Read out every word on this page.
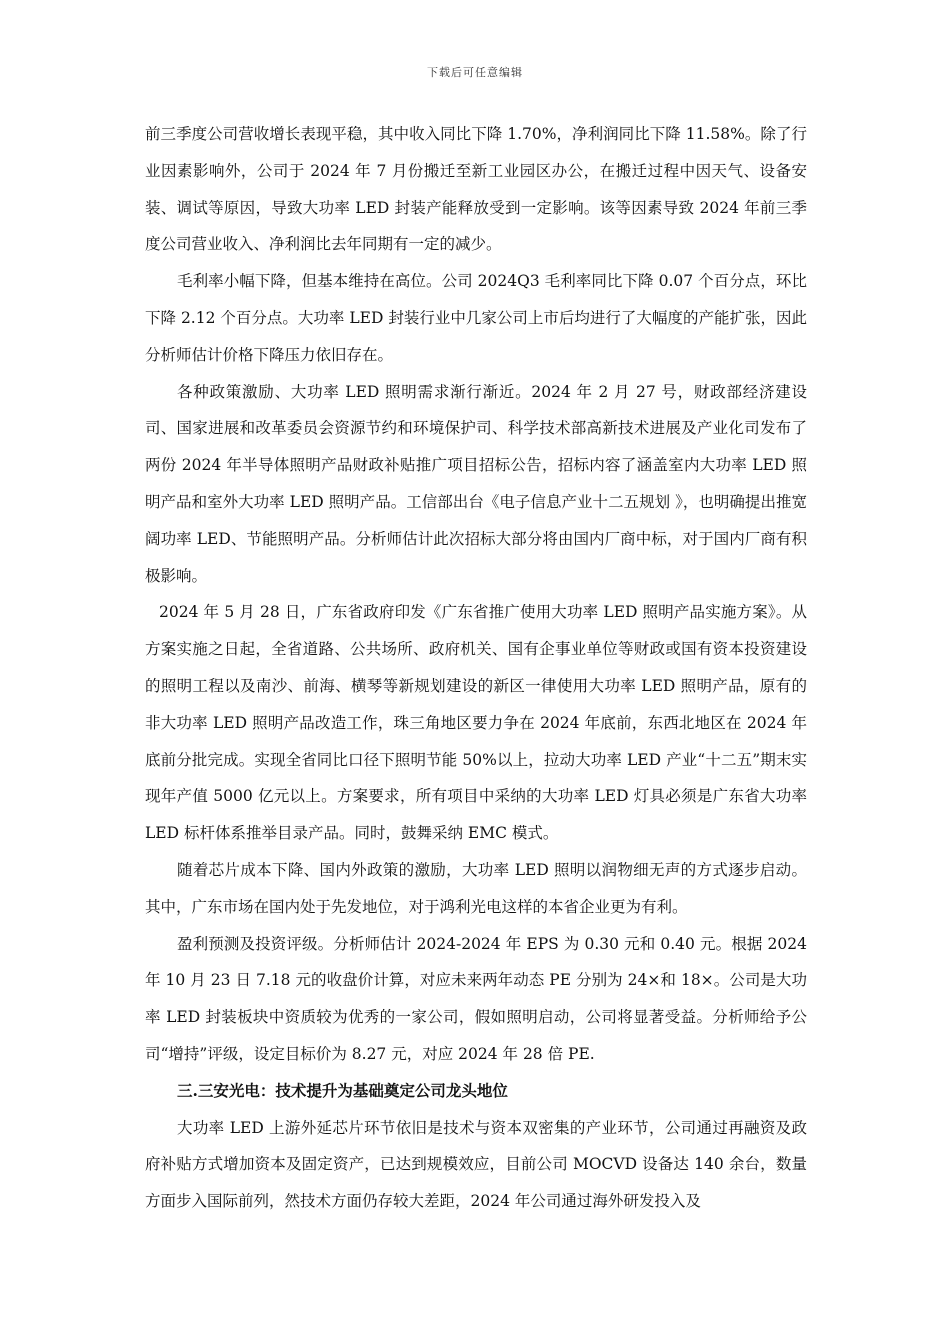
下载后可任意编辑

前三季度公司营收增长表现平稳，其中收入同比下降 1.70%，净利润同比下降 11.58%。除了行业因素影响外，公司于 2024 年 7 月份搬迁至新工业园区办公，在搬迁过程中因天气、设备安装、调试等原因，导致大功率 LED 封装产能释放受到一定影响。该等因素导致 2024 年前三季度公司营业收入、净利润比去年同期有一定的减少。

毛利率小幅下降，但基本维持在高位。公司 2024Q3 毛利率同比下降 0.07 个百分点，环比下降 2.12 个百分点。大功率 LED 封装行业中几家公司上市后均进行了大幅度的产能扩张，因此分析师估计价格下降压力依旧存在。

各种政策激励、大功率 LED 照明需求渐行渐近。2024 年 2 月 27 号，财政部经济建设司、国家进展和改革委员会资源节约和环境保护司、科学技术部高新技术进展及产业化司发布了两份 2024 年半导体照明产品财政补贴推广项目招标公告，招标内容了涵盖室内大功率 LED 照明产品和室外大功率 LED 照明产品。工信部出台《电子信息产业十二五规划 》，也明确提出推宽阔功率 LED、节能照明产品。分析师估计此次招标大部分将由国内厂商中标，对于国内厂商有积极影响。

2024 年 5 月 28 日，广东省政府印发《广东省推广使用大功率 LED 照明产品实施方案》。从方案实施之日起，全省道路、公共场所、政府机关、国有企事业单位等财政或国有资本投资建设的照明工程以及南沙、前海、横琴等新规划建设的新区一律使用大功率 LED 照明产品，原有的非大功率 LED 照明产品改造工作，珠三角地区要力争在 2024 年底前，东西北地区在 2024 年底前分批完成。实现全省同比口径下照明节能 50%以上，拉动大功率 LED 产业“十二五”期末实现年产值 5000 亿元以上。方案要求，所有项目中采纳的大功率 LED 灯具必须是广东省大功率 LED 标杆体系推举目录产品。同时，鼓舞采纳 EMC 模式。

随着芯片成本下降、国内外政策的激励，大功率 LED 照明以润物细无声的方式逐步启动。其中，广东市场在国内处于先发地位，对于鸿利光电这样的本省企业更为有利。

盈利预测及投资评级。分析师估计 2024-2024 年 EPS 为 0.30 元和 0.40 元。根据 2024 年 10 月 23 日 7.18 元的收盘价计算，对应未来两年动态 PE 分别为 24×和 18×。公司是大功率 LED 封装板块中资质较为优秀的一家公司，假如照明启动，公司将显著受益。分析师给予公司“增持”评级，设定目标价为 8.27 元，对应 2024 年 28 倍 PE.

三.三安光电：技术提升为基础奠定公司龙头地位

大功率 LED 上游外延芯片环节依旧是技术与资本双密集的产业环节，公司通过再融资及政府补贴方式增加资本及固定资产，已达到规模效应，目前公司 MOCVD 设备达 140 余台，数量方面步入国际前列，然技术方面仍存较大差距，2024 年公司通过海外研发投入及
